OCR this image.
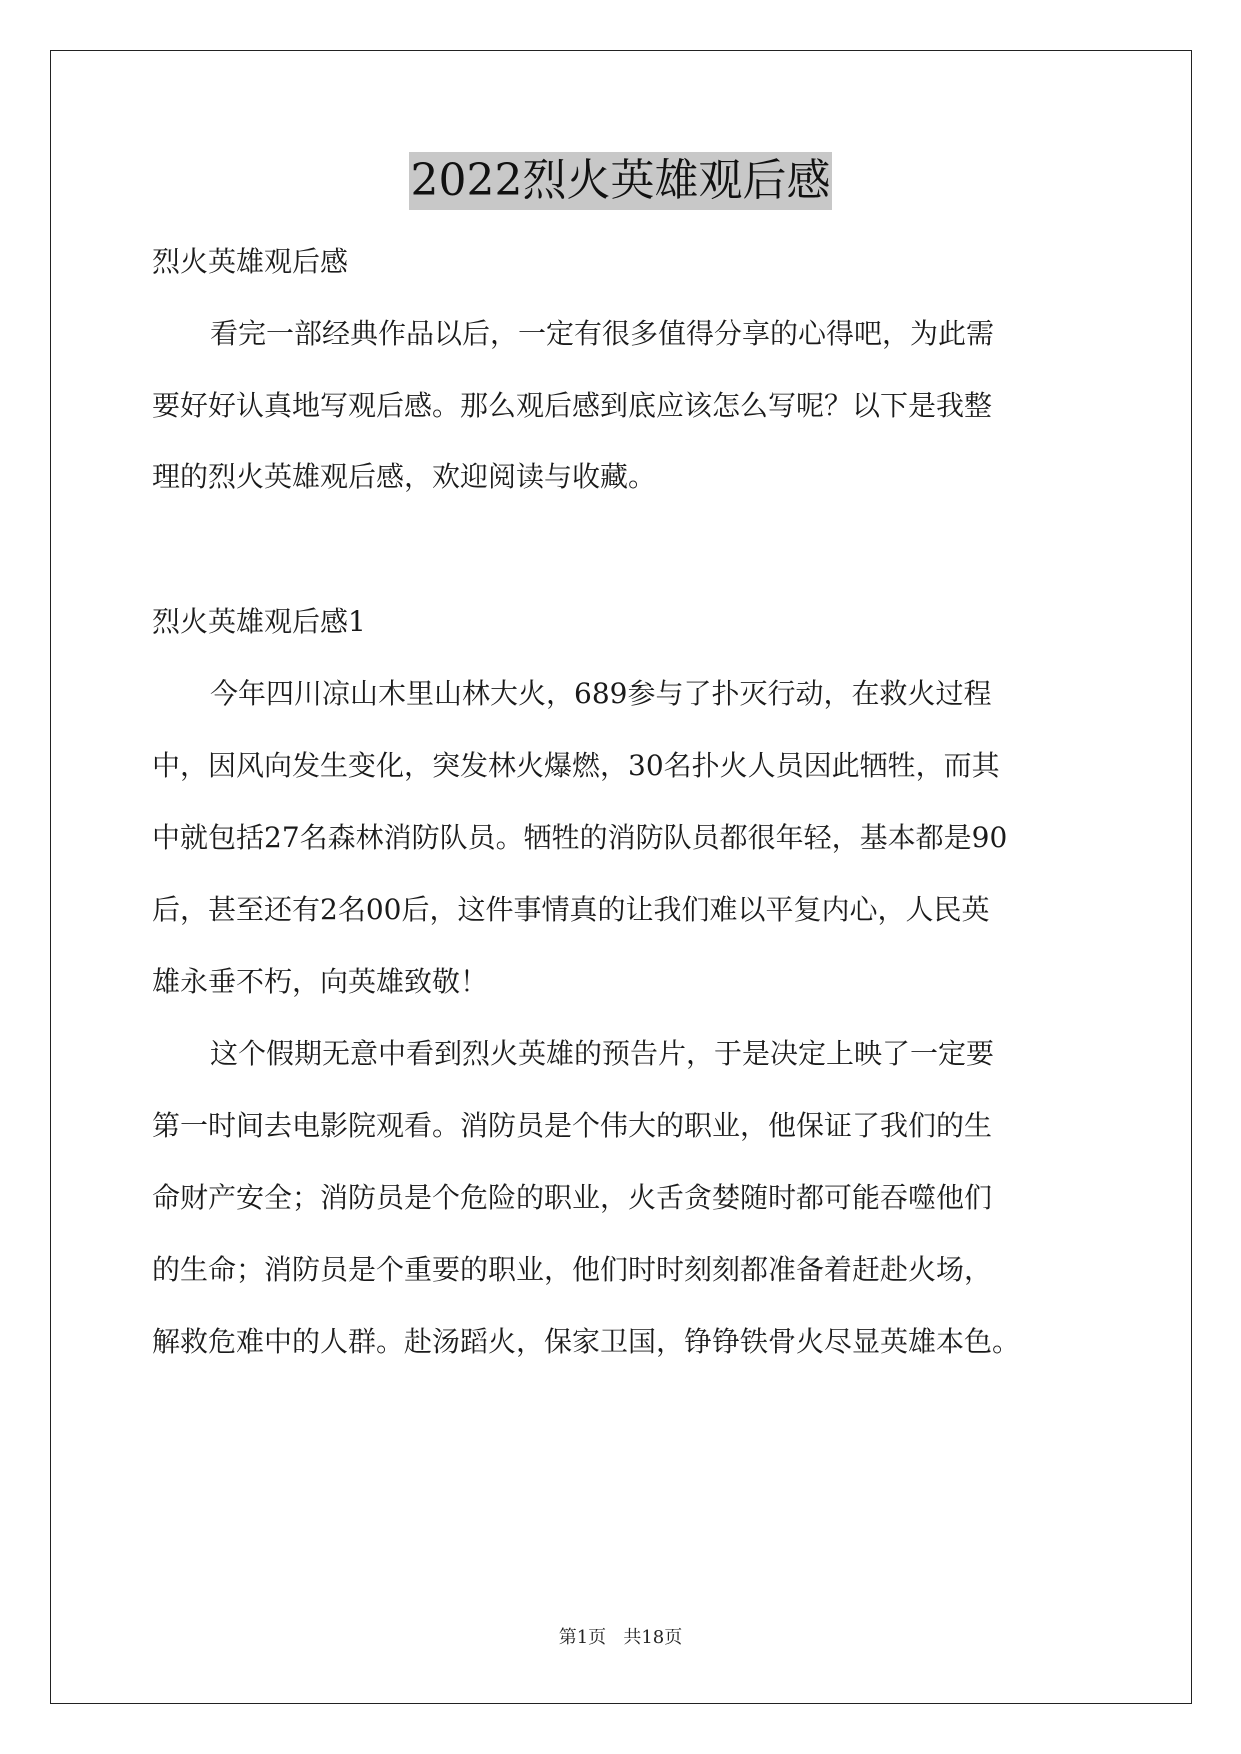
2022烈火英雄观后感
烈火英雄观后感
看完一部经典作品以后，一定有很多值得分享的心得吧，为此需
要好好认真地写观后感。那么观后感到底应该怎么写呢？以下是我整
理的烈火英雄观后感，欢迎阅读与收藏。
烈火英雄观后感1
今年四川凉山木里山林大火，689参与了扑灭行动，在救火过程
中，因风向发生变化，突发林火爆燃，30名扑火人员因此牺牲，而其
中就包括27名森林消防队员。牺牲的消防队员都很年轻，基本都是90
后，甚至还有2名00后，这件事情真的让我们难以平复内心，人民英
雄永垂不朽，向英雄致敬！
这个假期无意中看到烈火英雄的预告片，于是决定上映了一定要
第一时间去电影院观看。消防员是个伟大的职业，他保证了我们的生
命财产安全；消防员是个危险的职业，火舌贪婪随时都可能吞噬他们
的生命；消防员是个重要的职业，他们时时刻刻都准备着赶赴火场，
解救危难中的人群。赴汤蹈火，保家卫国，铮铮铁骨火尽显英雄本色。
第1页   共18页
